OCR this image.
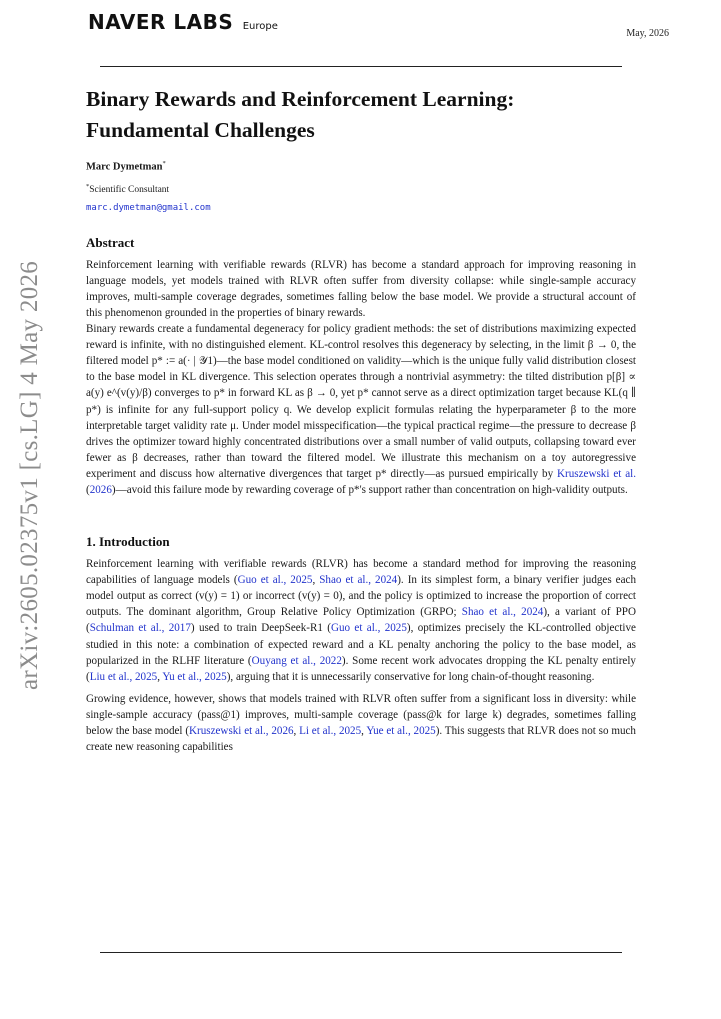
NAVER LABS Europe
May, 2026
arXiv:2605.02375v1 [cs.LG] 4 May 2026
Binary Rewards and Reinforcement Learning:
Fundamental Challenges
Marc Dymetman*
*Scientific Consultant
marc.dymetman@gmail.com
Abstract

Reinforcement learning with verifiable rewards (RLVR) has become a standard approach for improving reasoning in language models, yet models trained with RLVR often suffer from diversity collapse: while single-sample accuracy improves, multi-sample coverage degrades, sometimes falling below the base model. We provide a structural account of this phenomenon grounded in the properties of binary rewards.

Binary rewards create a fundamental degeneracy for policy gradient methods: the set of distributions maximizing expected reward is infinite, with no distinguished element. KL-control resolves this degeneracy by selecting, in the limit β → 0, the filtered model p* := a(· | 𝒴1)—the base model conditioned on validity—which is the unique fully valid distribution closest to the base model in KL divergence. This selection operates through a nontrivial asymmetry: the tilted distribution p[β] ∝ a(y) e^(v(y)/β) converges to p* in forward KL as β → 0, yet p* cannot serve as a direct optimization target because KL(q ∥ p*) is infinite for any full-support policy q. We develop explicit formulas relating the hyperparameter β to the more interpretable target validity rate μ. Under model misspecification—the typical practical regime—the pressure to decrease β drives the optimizer toward highly concentrated distributions over a small number of valid outputs, collapsing toward ever fewer as β decreases, rather than toward the filtered model. We illustrate this mechanism on a toy autoregressive experiment and discuss how alternative divergences that target p* directly—as pursued empirically by Kruszewski et al. (2026)—avoid this failure mode by rewarding coverage of p*'s support rather than concentration on high-validity outputs.

1. Introduction

Reinforcement learning with verifiable rewards (RLVR) has become a standard method for improving the reasoning capabilities of language models (Guo et al., 2025, Shao et al., 2024). In its simplest form, a binary verifier judges each model output as correct (v(y) = 1) or incorrect (v(y) = 0), and the policy is optimized to increase the proportion of correct outputs. The dominant algorithm, Group Relative Policy Optimization (GRPO; Shao et al., 2024), a variant of PPO (Schulman et al., 2017) used to train DeepSeek-R1 (Guo et al., 2025), optimizes precisely the KL-controlled objective studied in this note: a combination of expected reward and a KL penalty anchoring the policy to the base model, as popularized in the RLHF literature (Ouyang et al., 2022). Some recent work advocates dropping the KL penalty entirely (Liu et al., 2025, Yu et al., 2025), arguing that it is unnecessarily conservative for long chain-of-thought reasoning.

Growing evidence, however, shows that models trained with RLVR often suffer from a significant loss in diversity: while single-sample accuracy (pass@1) improves, multi-sample coverage (pass@k for large k) degrades, sometimes falling below the base model (Kruszewski et al., 2026, Li et al., 2025, Yue et al., 2025). This suggests that RLVR does not so much create new reasoning capabilities
